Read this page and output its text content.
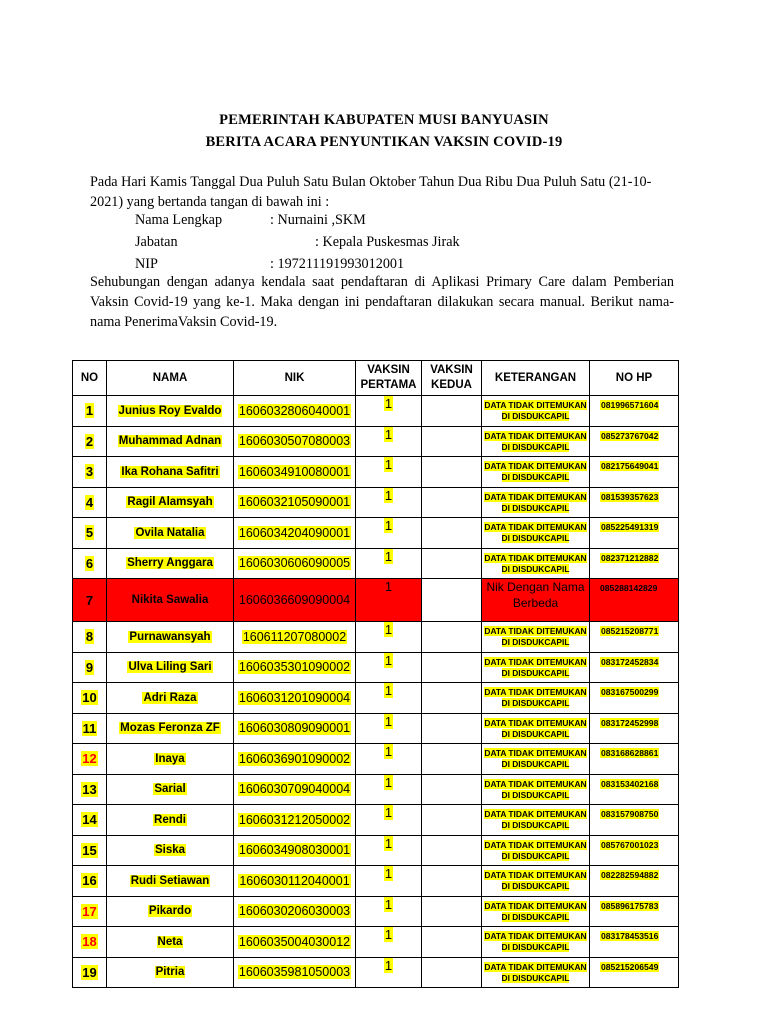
PEMERINTAH KABUPATEN MUSI BANYUASIN
BERITA ACARA PENYUNTIKAN VAKSIN COVID-19
Pada Hari Kamis Tanggal Dua Puluh Satu Bulan Oktober Tahun Dua Ribu Dua Puluh Satu (21-10-2021) yang bertanda tangan di bawah ini :
Nama Lengkap	: Nurnaini ,SKM
Jabatan	: Kepala Puskesmas Jirak
NIP	: 197211191993012001
Sehubungan dengan adanya kendala saat pendaftaran di Aplikasi Primary Care dalam Pemberian Vaksin Covid-19 yang ke-1. Maka dengan ini pendaftaran dilakukan secara manual. Berikut nama-nama PenerimaVaksin Covid-19.
NO	NAMA	NIK	VAKSIN PERTAMA	VAKSIN KEDUA	KETERANGAN	NO HP
1	Junius Roy Evaldo	1606032806040001	1		DATA TIDAK DITEMUKAN DI DISDUKCAPIL	081996571604
2	Muhammad Adnan	1606030507080003	1		DATA TIDAK DITEMUKAN DI DISDUKCAPIL	085273767042
3	Ika Rohana Safitri	1606034910080001	1		DATA TIDAK DITEMUKAN DI DISDUKCAPIL	082175649041
4	Ragil Alamsyah	1606032105090001	1		DATA TIDAK DITEMUKAN DI DISDUKCAPIL	081539357623
5	Ovila Natalia	1606034204090001	1		DATA TIDAK DITEMUKAN DI DISDUKCAPIL	085225491319
6	Sherry Anggara	1606030606090005	1		DATA TIDAK DITEMUKAN DI DISDUKCAPIL	082371212882
7	Nikita Sawalia	1606036609090004	1		Nik Dengan Nama Berbeda	085288142829
8	Purnawansyah	160611207080002	1		DATA TIDAK DITEMUKAN DI DISDUKCAPIL	085215208771
9	Ulva Liling Sari	1606035301090002	1		DATA TIDAK DITEMUKAN DI DISDUKCAPIL	083172452834
10	Adri Raza	1606031201090004	1		DATA TIDAK DITEMUKAN DI DISDUKCAPIL	083167500299
11	Mozas Feronza ZF	1606030809090001	1		DATA TIDAK DITEMUKAN DI DISDUKCAPIL	083172452998
12	Inaya	1606036901090002	1		DATA TIDAK DITEMUKAN DI DISDUKCAPIL	083168628861
13	Sarial	1606030709040004	1		DATA TIDAK DITEMUKAN DI DISDUKCAPIL	083153402168
14	Rendi	1606031212050002	1		DATA TIDAK DITEMUKAN DI DISDUKCAPIL	083157908750
15	Siska	1606034908030001	1		DATA TIDAK DITEMUKAN DI DISDUKCAPIL	085767001023
16	Rudi Setiawan	1606030112040001	1		DATA TIDAK DITEMUKAN DI DISDUKCAPIL	082282594882
17	Pikardo	1606030206030003	1		DATA TIDAK DITEMUKAN DI DISDUKCAPIL	085896175783
18	Neta	1606035004030012	1		DATA TIDAK DITEMUKAN DI DISDUKCAPIL	083178453516
19	Pitria	1606035981050003	1		DATA TIDAK DITEMUKAN DI DISDUKCAPIL	085215206549
